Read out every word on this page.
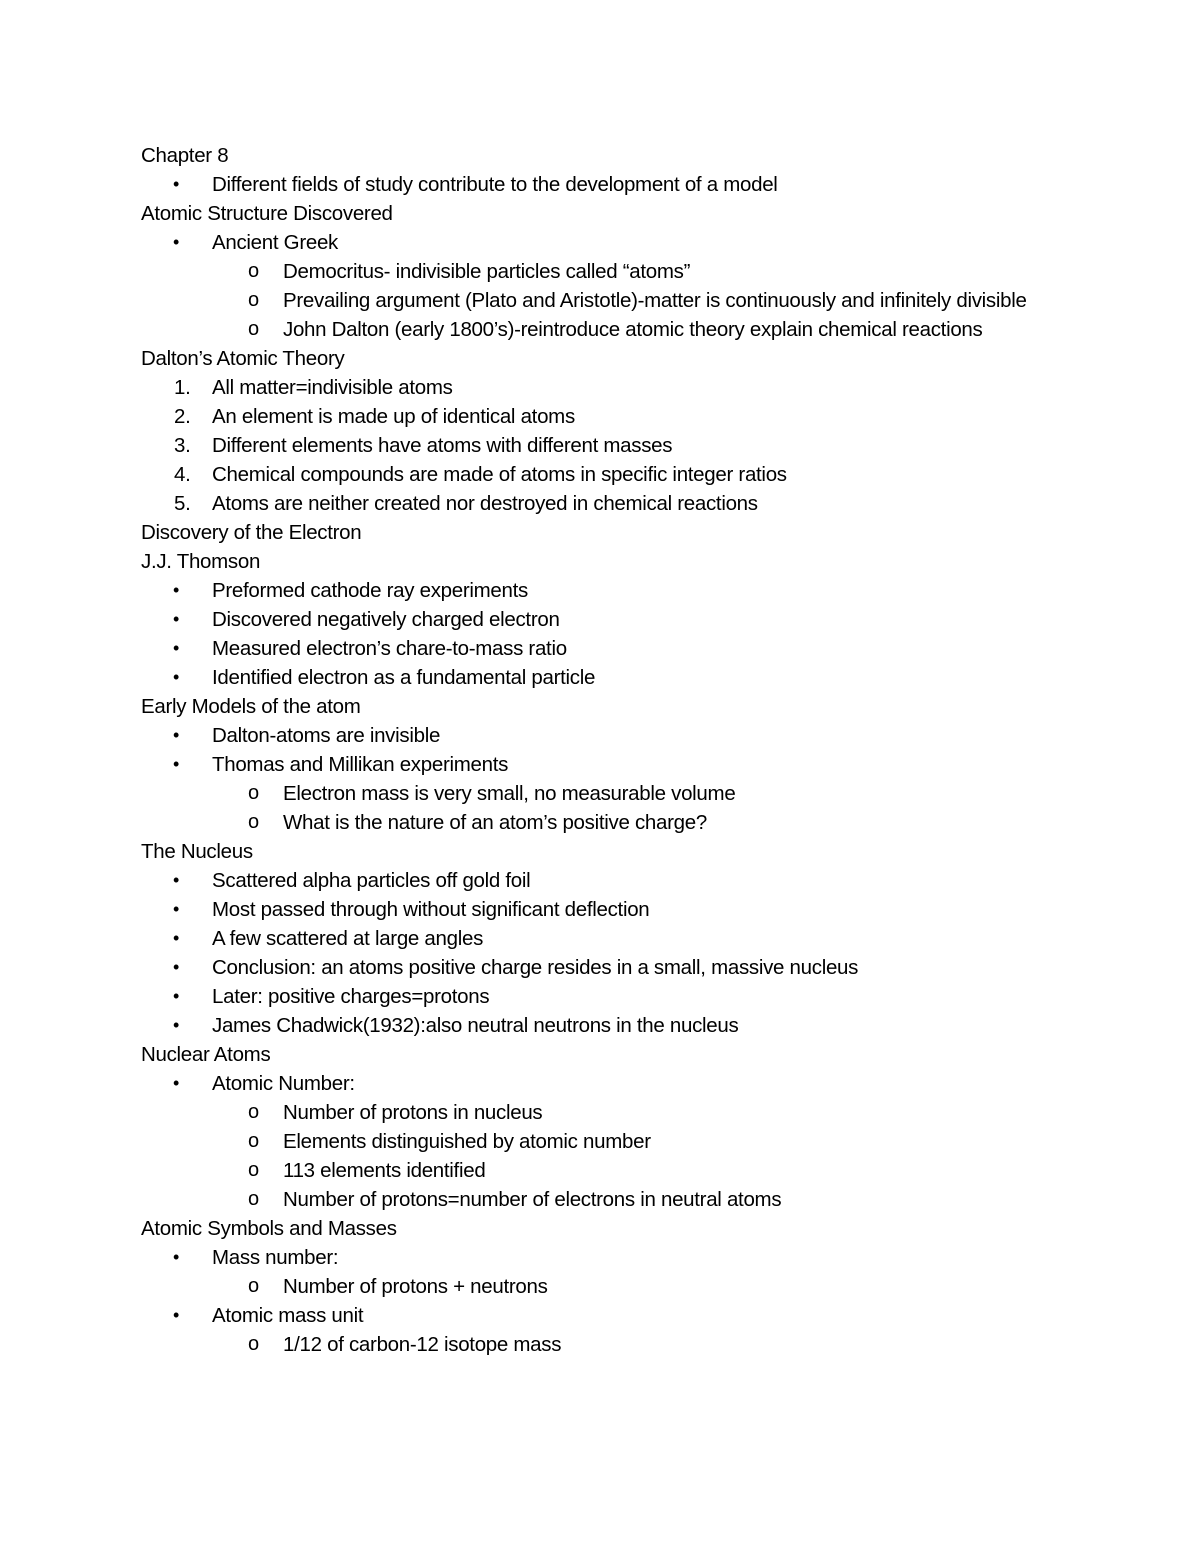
Chapter 8
• Different fields of study contribute to the development of a model
Atomic Structure Discovered
• Ancient Greek
o Democritus- indivisible particles called “atoms”
o Prevailing argument (Plato and Aristotle)-matter is continuously and infinitely divisible
o John Dalton (early 1800’s)-reintroduce atomic theory explain chemical reactions
Dalton’s Atomic Theory
1. All matter=indivisible atoms
2. An element is made up of identical atoms
3. Different elements have atoms with different masses
4. Chemical compounds are made of atoms in specific integer ratios
5. Atoms are neither created nor destroyed in chemical reactions
Discovery of the Electron
J.J. Thomson
• Preformed cathode ray experiments
• Discovered negatively charged electron
• Measured electron’s chare-to-mass ratio
• Identified electron as a fundamental particle
Early Models of the atom
• Dalton-atoms are invisible
• Thomas and Millikan experiments
o Electron mass is very small, no measurable volume
o What is the nature of an atom’s positive charge?
The Nucleus
• Scattered alpha particles off gold foil
• Most passed through without significant deflection
• A few scattered at large angles
• Conclusion: an atoms positive charge resides in a small, massive nucleus
• Later: positive charges=protons
• James Chadwick(1932):also neutral neutrons in the nucleus
Nuclear Atoms
• Atomic Number:
o Number of protons in nucleus
o Elements distinguished by atomic number
o 113 elements identified
o Number of protons=number of electrons in neutral atoms
Atomic Symbols and Masses
• Mass number:
o Number of protons + neutrons
• Atomic mass unit
o 1/12 of carbon-12 isotope mass
